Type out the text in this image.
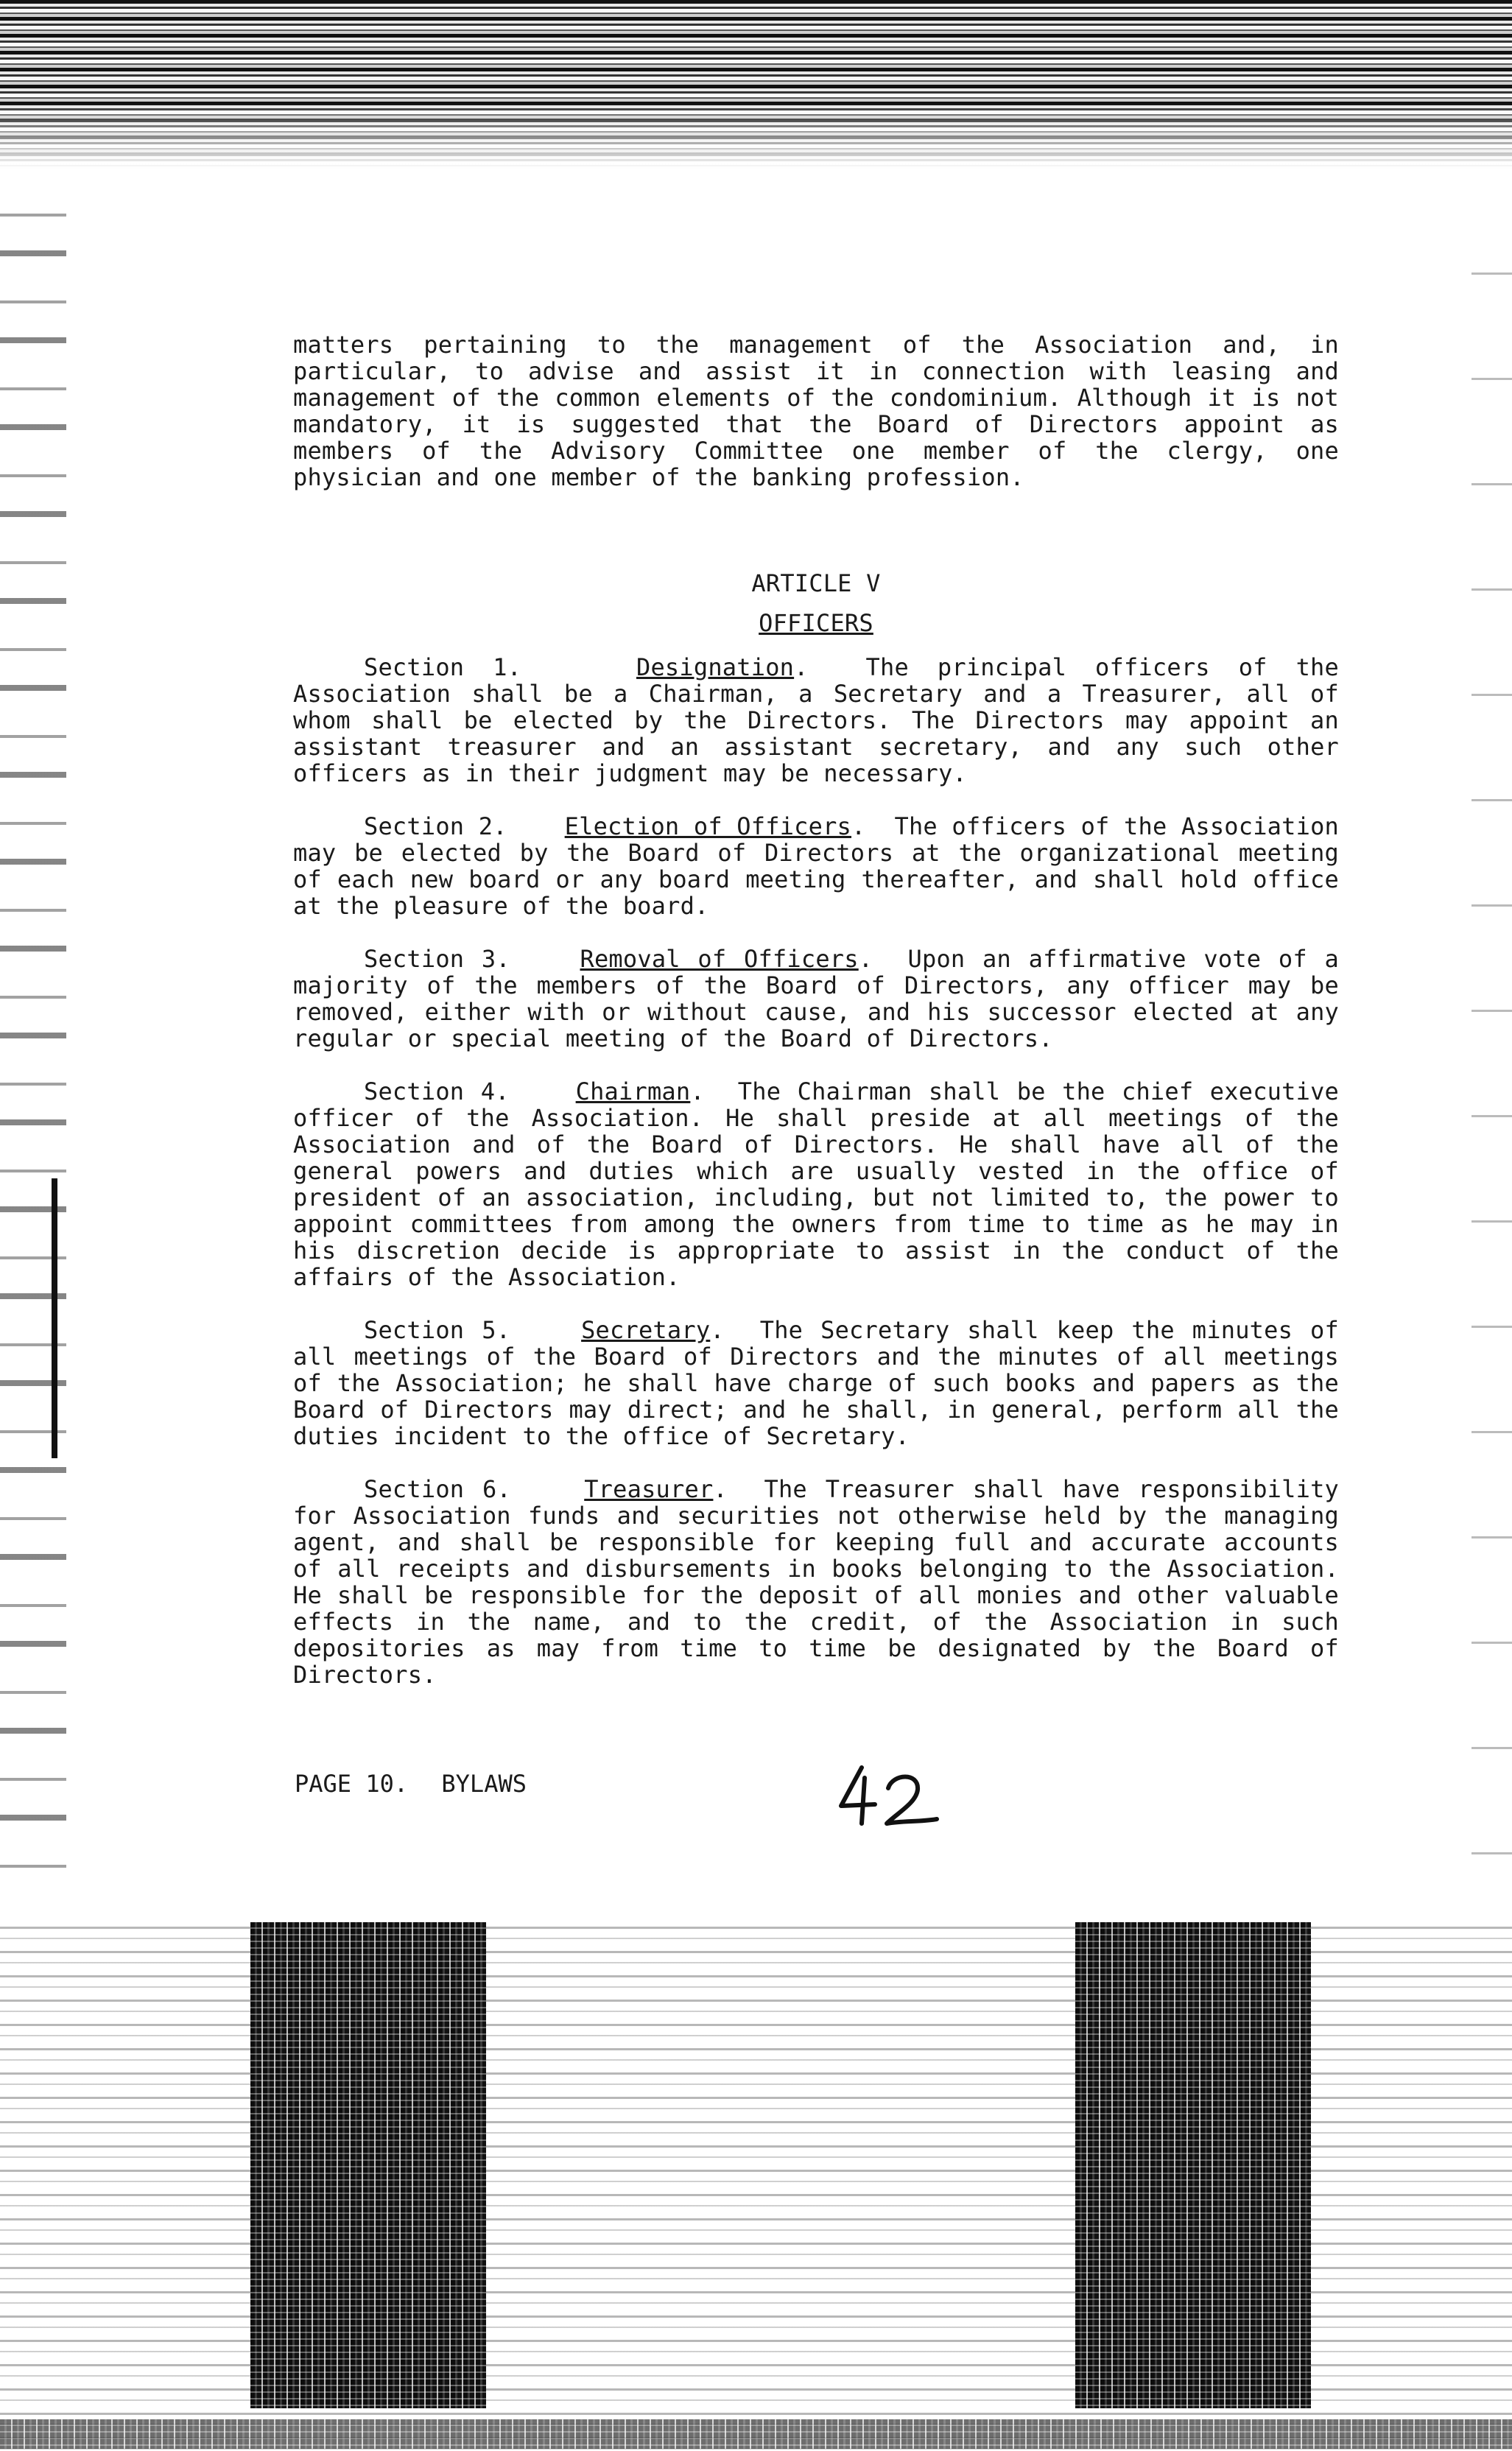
matters pertaining to the management of the Association and, in particular, to advise and assist it in connection with leasing and management of the common elements of the condominium. Although it is not mandatory, it is suggested that the Board of Directors appoint as members of the Advisory Committee one member of the clergy, one physician and one member of the banking profession.

ARTICLE V

OFFICERS

Section 1.	Designation.  The principal officers of the Association shall be a Chairman, a Secretary and a Treasurer, all of whom shall be elected by the Directors. The Directors may appoint an assistant treasurer and an assistant secretary, and any such other officers as in their judgment may be necessary.

Section 2. Election of Officers.  The officers of the Association may be elected by the Board of Directors at the organizational meeting of each new board or any board meeting thereafter, and shall hold office at the pleasure of the board.

Section 3.	Removal of Officers.  Upon an affirmative vote of a majority of the members of the Board of Directors, any officer may be removed, either with or without cause, and his successor elected at any regular or special meeting of the Board of Directors.

Section 4.	Chairman.  The Chairman shall be the chief executive officer of the Association. He shall preside at all meetings of the Association and of the Board of Directors. He shall have all of the general powers and duties which are usually vested in the office of president of an association, including, but not limited to, the power to appoint committees from among the owners from time to time as he may in his discretion decide is appropriate to assist in the conduct of the affairs of the Association.

Section 5.	Secretary.  The Secretary shall keep the minutes of all meetings of the Board of Directors and the minutes of all meetings of the Association; he shall have charge of such books and papers as the Board of Directors may direct; and he shall, in general, perform all the duties incident to the office of Secretary.

Section 6.	Treasurer.  The Treasurer shall have responsibility for Association funds and securities not otherwise held by the managing agent, and shall be responsible for keeping full and accurate accounts of all receipts and disbursements in books belonging to the Association. He shall be responsible for the deposit of all monies and other valuable effects in the name, and to the credit, of the Association in such depositories as may from time to time be designated by the Board of Directors.

PAGE 10. BYLAWS
